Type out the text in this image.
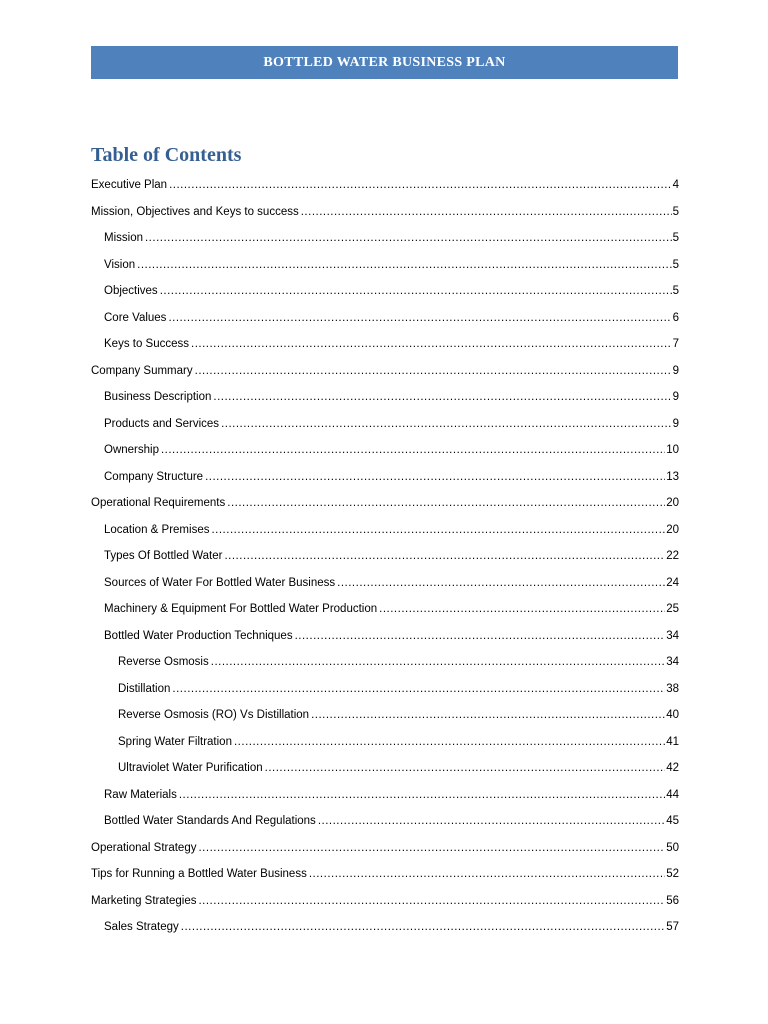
BOTTLED WATER BUSINESS PLAN
Table of Contents
Executive Plan .....	4
Mission, Objectives and Keys to success .....	5
Mission .....	5
Vision .....	5
Objectives .....	5
Core Values .....	6
Keys to Success .....	7
Company Summary .....	9
Business Description .....	9
Products and Services .....	9
Ownership .....	10
Company Structure .....	13
Operational Requirements .....	20
Location & Premises .....	20
Types Of Bottled Water .....	22
Sources of Water For Bottled Water Business .....	24
Machinery & Equipment For Bottled Water Production .....	25
Bottled Water Production Techniques .....	34
Reverse Osmosis .....	34
Distillation .....	38
Reverse Osmosis (RO) Vs Distillation .....	40
Spring Water Filtration .....	41
Ultraviolet Water Purification .....	42
Raw Materials .....	44
Bottled Water Standards And Regulations .....	45
Operational Strategy .....	50
Tips for Running a Bottled Water Business .....	52
Marketing Strategies .....	56
Sales Strategy .....	57
